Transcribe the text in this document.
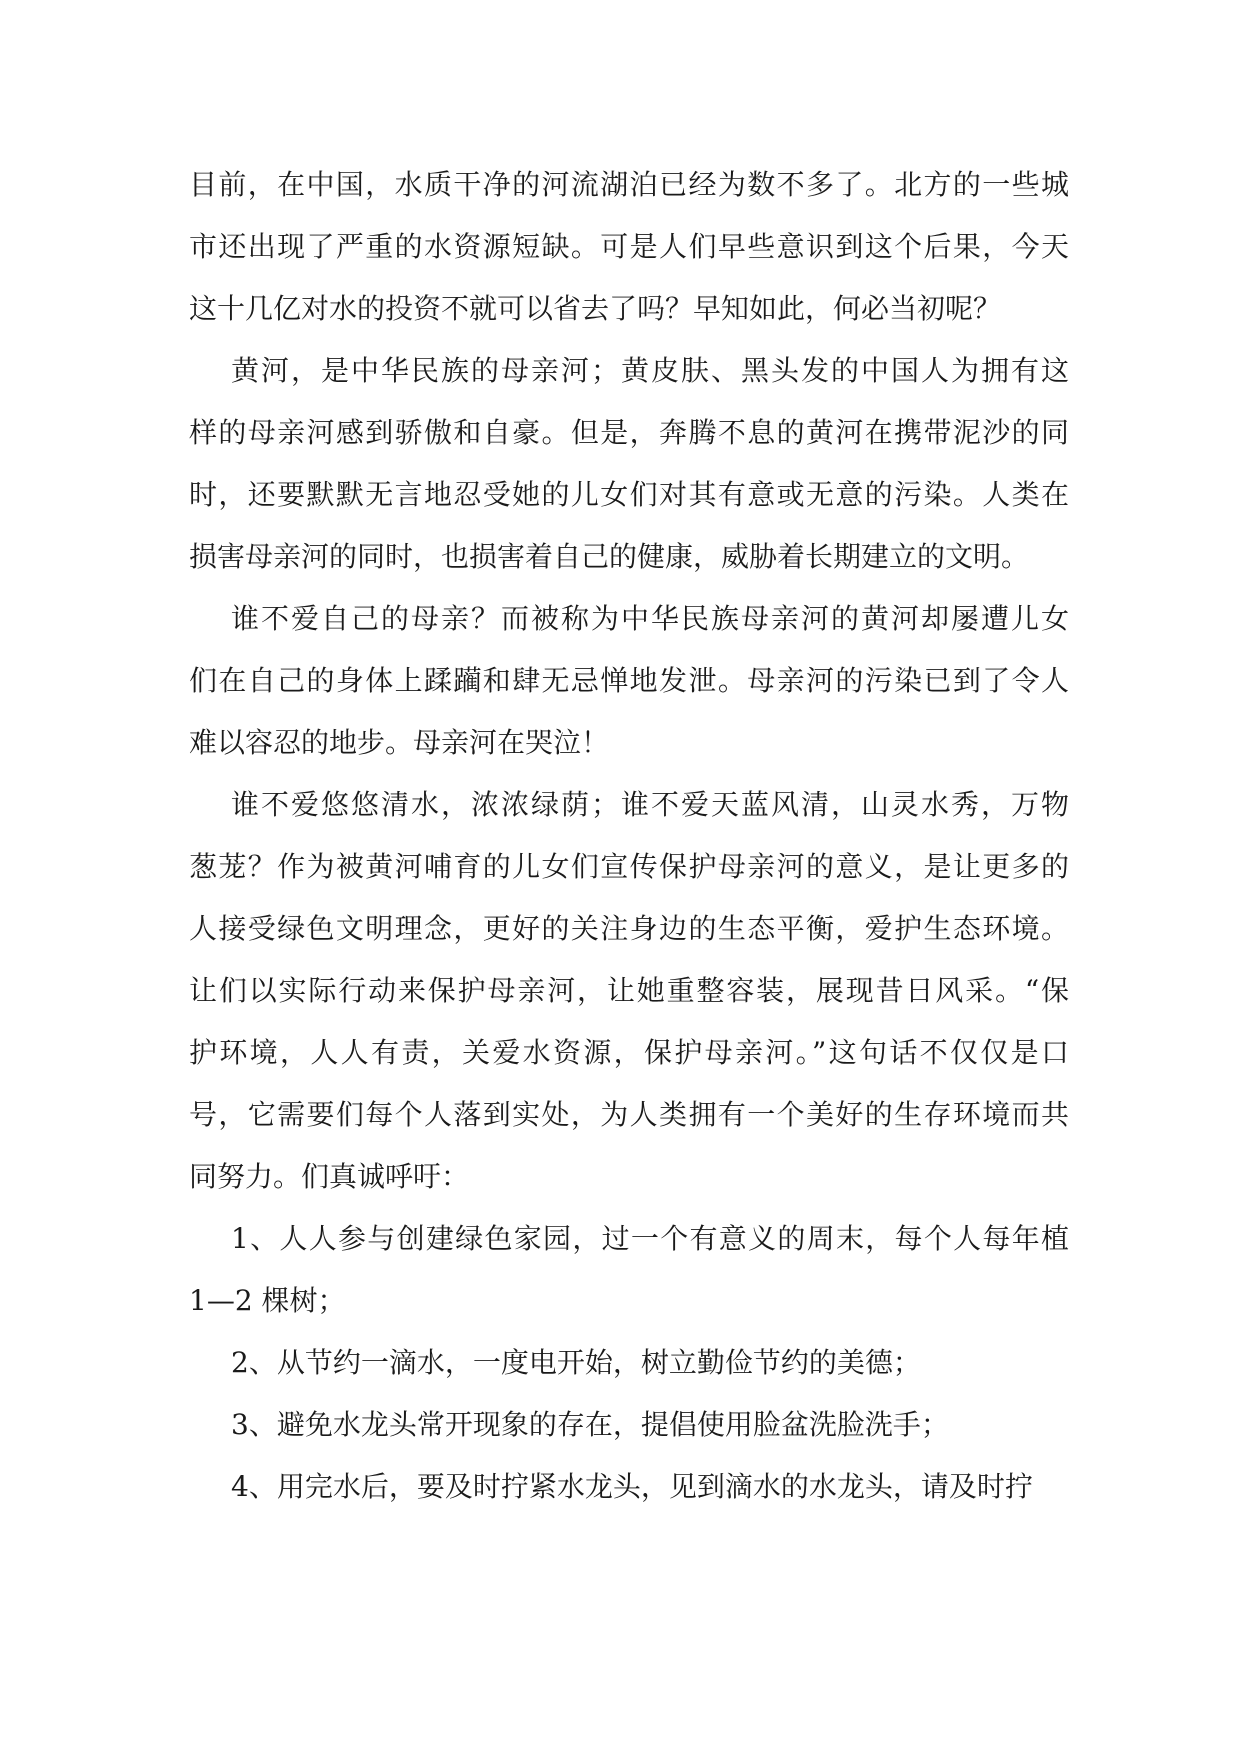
目前，在中国，水质干净的河流湖泊已经为数不多了。北方的一些城
市还出现了严重的水资源短缺。可是人们早些意识到这个后果，今天
这十几亿对水的投资不就可以省去了吗？早知如此，何必当初呢？
黄河，是中华民族的母亲河；黄皮肤、黑头发的中国人为拥有这
样的母亲河感到骄傲和自豪。但是，奔腾不息的黄河在携带泥沙的同
时，还要默默无言地忍受她的儿女们对其有意或无意的污染。人类在
损害母亲河的同时，也损害着自己的健康，威胁着长期建立的文明。
谁不爱自己的母亲？而被称为中华民族母亲河的黄河却屡遭儿女
们在自己的身体上蹂躏和肆无忌惮地发泄。母亲河的污染已到了令人
难以容忍的地步。母亲河在哭泣！
谁不爱悠悠清水，浓浓绿荫；谁不爱天蓝风清，山灵水秀，万物
葱茏？作为被黄河哺育的儿女们宣传保护母亲河的意义，是让更多的
人接受绿色文明理念，更好的关注身边的生态平衡，爱护生态环境。
让们以实际行动来保护母亲河，让她重整容装，展现昔日风采。“保
护环境，人人有责，关爱水资源，保护母亲河。”这句话不仅仅是口
号，它需要们每个人落到实处，为人类拥有一个美好的生存环境而共
同努力。们真诚呼吁：
1、人人参与创建绿色家园，过一个有意义的周末，每个人每年植
1—2 棵树；
2、从节约一滴水，一度电开始，树立勤俭节约的美德；
3、避免水龙头常开现象的存在，提倡使用脸盆洗脸洗手；
4、用完水后，要及时拧紧水龙头，见到滴水的水龙头，请及时拧
